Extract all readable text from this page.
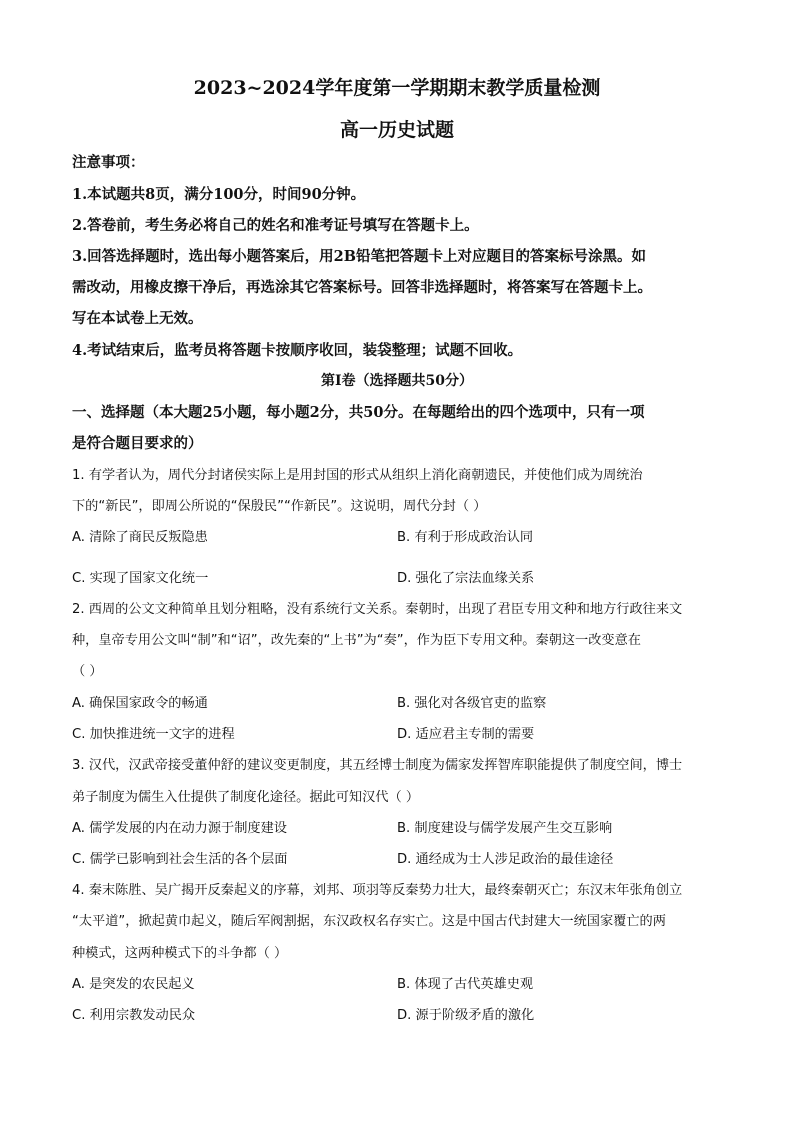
2023~2024学年度第一学期期末教学质量检测
高一历史试题
注意事项：
1.本试题共8页，满分100分，时间90分钟。
2.答卷前，考生务必将自己的姓名和准考证号填写在答题卡上。
3.回答选择题时，选出每小题答案后，用2B铅笔把答题卡上对应题目的答案标号涂黑。如
需改动，用橡皮擦干净后，再选涂其它答案标号。回答非选择题时，将答案写在答题卡上。
写在本试卷上无效。
4.考试结束后，监考员将答题卡按顺序收回，装袋整理；试题不回收。
第Ⅰ卷（选择题共50分）
一、选择题（本大题25小题，每小题2分，共50分。在每题给出的四个选项中，只有一项
是符合题目要求的）
1. 有学者认为，周代分封诸侯实际上是用封国的形式从组织上消化商朝遗民，并使他们成为周统治
下的“新民”，即周公所说的“保殷民”“作新民”。这说明，周代分封（ ）
A. 清除了商民反叛隐患	B. 有利于形成政治认同
C. 实现了国家文化统一	D. 强化了宗法血缘关系
2. 西周的公文文种简单且划分粗略，没有系统行文关系。秦朝时，出现了君臣专用文种和地方行政往来文
种，皇帝专用公文叫“制”和“诏”，改先秦的“上书”为“奏”，作为臣下专用文种。秦朝这一改变意在
（ ）
A. 确保国家政令的畅通	B. 强化对各级官吏的监察
C. 加快推进统一文字的进程	D. 适应君主专制的需要
3. 汉代，汉武帝接受董仲舒的建议变更制度，其五经博士制度为儒家发挥智库职能提供了制度空间，博士
弟子制度为儒生入仕提供了制度化途径。据此可知汉代（ ）
A. 儒学发展的内在动力源于制度建设	B. 制度建设与儒学发展产生交互影响
C. 儒学已影响到社会生活的各个层面	D. 通经成为士人涉足政治的最佳途径
4. 秦末陈胜、吴广揭开反秦起义的序幕，刘邦、项羽等反秦势力壮大，最终秦朝灭亡；东汉末年张角创立
“太平道”，掀起黄巾起义，随后军阀割据，东汉政权名存实亡。这是中国古代封建大一统国家覆亡的两
种模式，这两种模式下的斗争都（ ）
A. 是突发的农民起义	B. 体现了古代英雄史观
C. 利用宗教发动民众	D. 源于阶级矛盾的激化
